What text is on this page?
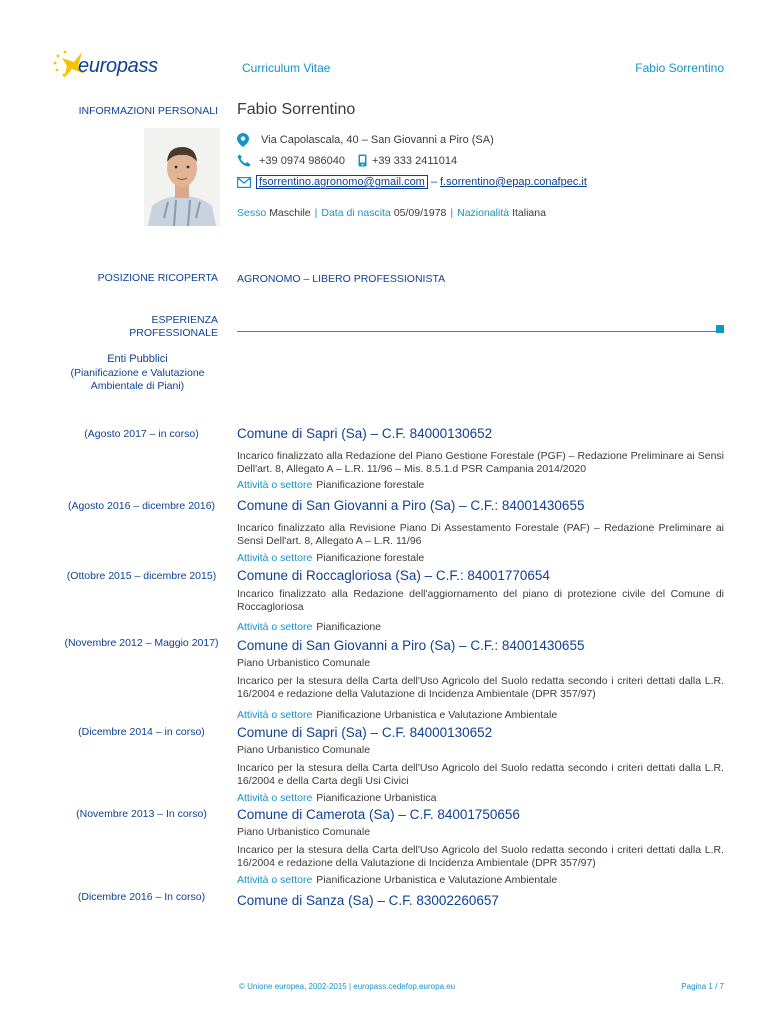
europass	Curriculum Vitae	Fabio Sorrentino
INFORMAZIONI PERSONALI Fabio Sorrentino
Via Capolascala, 40 – San Giovanni a Piro (SA)
+39 0974 986040 +39 333 2411014
fsorrentino.agronomo@gmail.com – f.sorrentino@epap.conafpec.it
Sesso Maschile | Data di nascita 05/09/1978 | Nazionalità Italiana
POSIZIONE RICOPERTA AGRONOMO – LIBERO PROFESSIONISTA
ESPERIENZA
PROFESSIONALE
Enti Pubblici
(Pianificazione e Valutazione
Ambientale di Piani)
(Agosto 2017 – in corso)	Comune di Sapri (Sa) – C.F. 84000130652
Incarico finalizzato alla Redazione del Piano Gestione Forestale (PGF) – Redazione Preliminare ai Sensi Dell'art. 8, Allegato A – L.R. 11/96 – Mis. 8.5.1.d PSR Campania 2014/2020
Attività o settore Pianificazione forestale
(Agosto 2016 – dicembre 2016)	Comune di San Giovanni a Piro (Sa) – C.F.: 84001430655
Incarico finalizzato alla Revisione Piano Di Assestamento Forestale (PAF) – Redazione Preliminare ai Sensi Dell'art. 8, Allegato A – L.R. 11/96
Attività o settore Pianificazione forestale
(Ottobre 2015 – dicembre 2015)	Comune di Roccagloriosa (Sa) – C.F.: 84001770654
Incarico finalizzato alla Redazione dell'aggiornamento del piano di protezione civile del Comune di Roccagloriosa
Attività o settore Pianificazione
(Novembre 2012 – Maggio 2017)	Comune di San Giovanni a Piro (Sa) – C.F.: 84001430655
Piano Urbanistico Comunale
Incarico per la stesura della Carta dell'Uso Agricolo del Suolo redatta secondo i criteri dettati dalla L.R. 16/2004 e redazione della Valutazione di Incidenza Ambientale (DPR 357/97)
Attività o settore Pianificazione Urbanistica e Valutazione Ambientale
(Dicembre 2014 – in corso)	Comune di Sapri (Sa) – C.F. 84000130652
Piano Urbanistico Comunale
Incarico per la stesura della Carta dell'Uso Agricolo del Suolo redatta secondo i criteri dettati dalla L.R. 16/2004 e della Carta degli Usi Civici
Attività o settore Pianificazione Urbanistica
(Novembre 2013 – In corso)	Comune di Camerota (Sa) – C.F. 84001750656
Piano Urbanistico Comunale
Incarico per la stesura della Carta dell'Uso Agricolo del Suolo redatta secondo i criteri dettati dalla L.R. 16/2004 e redazione della Valutazione di Incidenza Ambientale (DPR 357/97)
Attività o settore Pianificazione Urbanistica e Valutazione Ambientale
(Dicembre 2016 – In corso)	Comune di Sanza (Sa) – C.F. 83002260657
© Unione europea, 2002-2015 | europass.cedefop.europa.eu	Pagina 1 / 7
